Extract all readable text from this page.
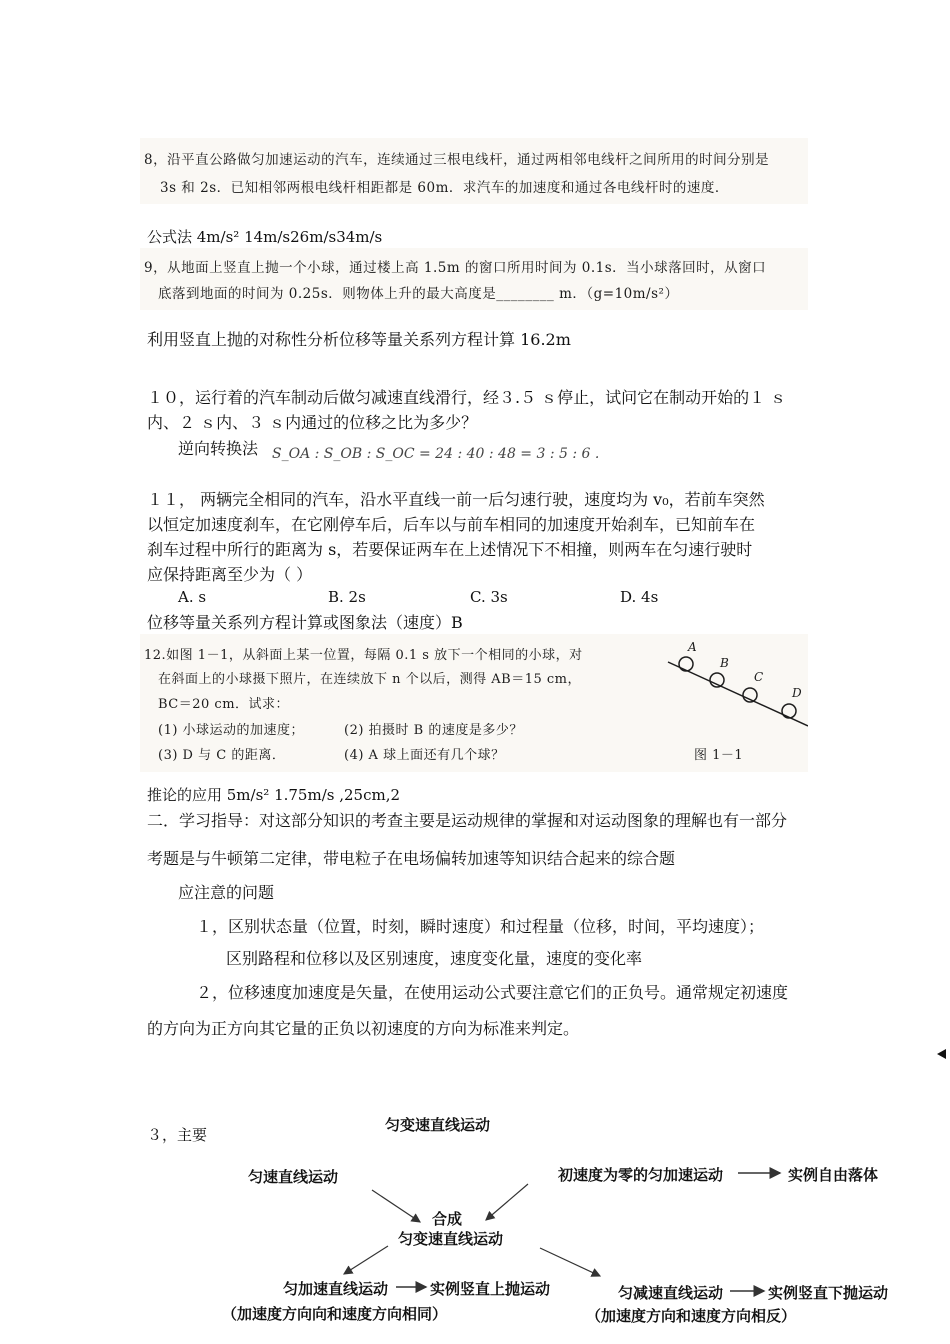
8，沿平直公路做匀加速运动的汽车，连续通过三根电线杆，通过两相邻电线杆之间所用的时间分别是
3s 和 2s．已知相邻两根电线杆相距都是 60m．求汽车的加速度和通过各电线杆时的速度．
公式法 4m/s² 14m/s26m/s34m/s
9，从地面上竖直上抛一个小球，通过楼上高 1.5m 的窗口所用时间为 0.1s．当小球落回时，从窗口
底落到地面的时间为 0.25s．则物体上升的最大高度是________ m．（g=10m/s²）
利用竖直上抛的对称性分析位移等量关系列方程计算 16.2m
１０，运行着的汽车制动后做匀减速直线滑行，经３.５ ｓ停止，试问它在制动开始的１ ｓ
内、２ ｓ内、３ ｓ内通过的位移之比为多少？
逆向转换法 S_OA : S_OB : S_OC = 24 : 40 : 48 = 3 : 5 : 6 .
１１， 两辆完全相同的汽车，沿水平直线一前一后匀速行驶，速度均为 v₀，若前车突然
以恒定加速度刹车，在它刚停车后，后车以与前车相同的加速度开始刹车，已知前车在
刹车过程中所行的距离为 s，若要保证两车在上述情况下不相撞，则两车在匀速行驶时
应保持距离至少为（ ）
A. s	B. 2s	C. 3s	D. 4s
位移等量关系列方程计算或图象法（速度）B
12.如图 1－1，从斜面上某一位置，每隔 0.1 s 放下一个相同的小球，对
在斜面上的小球摄下照片，在连续放下 n 个以后，测得 AB＝15 cm，
BC＝20 cm．试求：
(1) 小球运动的加速度；	(2) 拍摄时 B 的速度是多少？
(3) D 与 C 的距离．	(4) A 球上面还有几个球？
A
B
C
D
图 1－1
推论的应用 5m/s² 1.75m/s ,25cm,2
二．学习指导：对这部分知识的考查主要是运动规律的掌握和对运动图象的理解也有一部分
考题是与牛顿第二定律，带电粒子在电场偏转加速等知识结合起来的综合题
应注意的问题
１，区别状态量（位置，时刻，瞬时速度）和过程量（位移，时间，平均速度）；
区别路程和位移以及区别速度，速度变化量，速度的变化率
２，位移速度加速度是矢量，在使用运动公式要注意它们的正负号。通常规定初速度
的方向为正方向其它量的正负以初速度的方向为标准来判定。
３，主要
匀变速直线运动
匀速直线运动	初速度为零的匀加速运动	实例自由落体
合成
匀变速直线运动
匀加速直线运动	实例竖直上抛运动
（加速度方向向和速度方向相同）
匀减速直线运动	实例竖直下抛运动
（加速度方向和速度方向相反）
